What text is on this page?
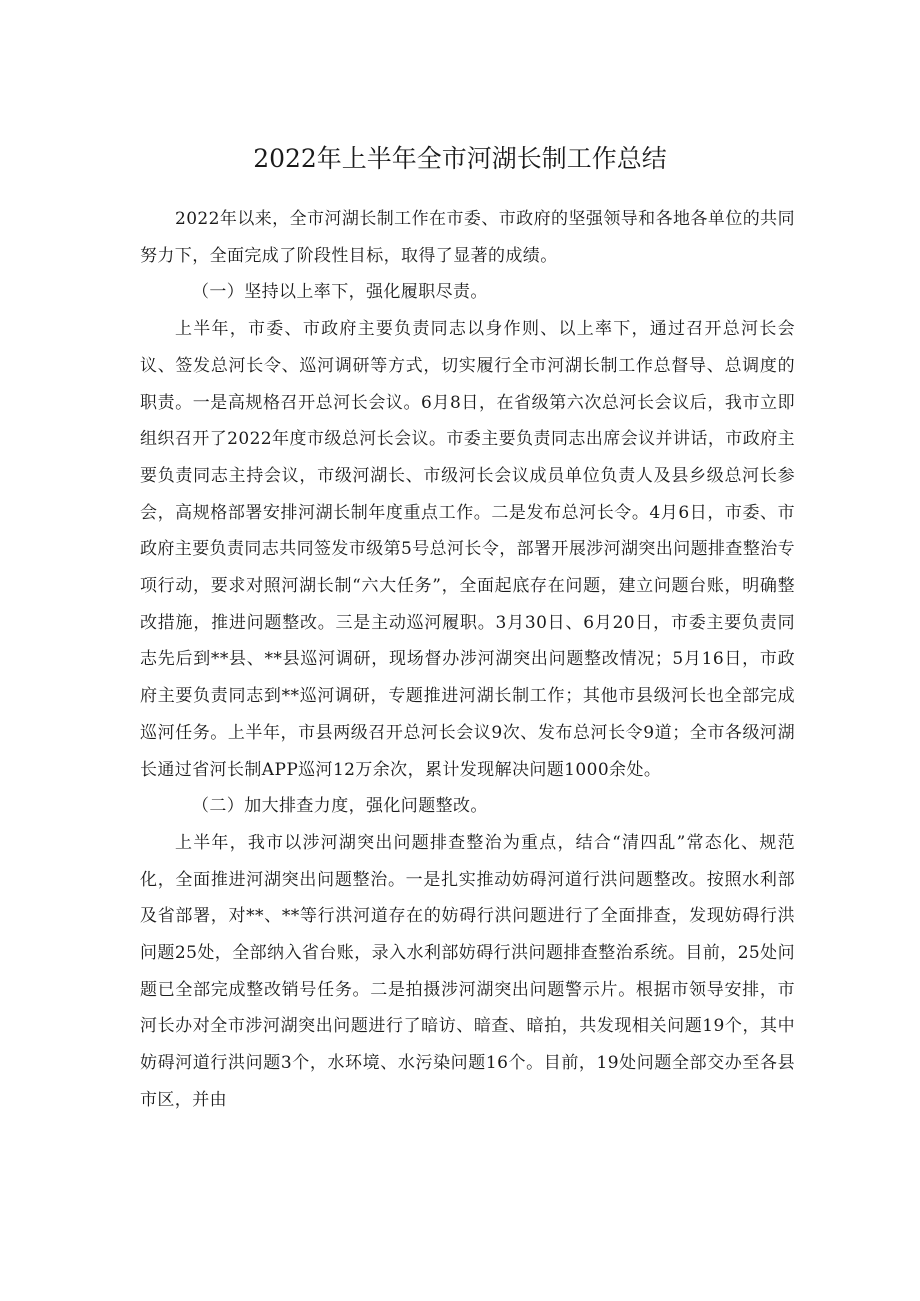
2022年上半年全市河湖长制工作总结

2022年以来，全市河湖长制工作在市委、市政府的坚强领导和各地各单位的共同努力下，全面完成了阶段性目标，取得了显著的成绩。

（一）坚持以上率下，强化履职尽责。

上半年，市委、市政府主要负责同志以身作则、以上率下，通过召开总河长会议、签发总河长令、巡河调研等方式，切实履行全市河湖长制工作总督导、总调度的职责。一是高规格召开总河长会议。6月8日，在省级第六次总河长会议后，我市立即组织召开了2022年度市级总河长会议。市委主要负责同志出席会议并讲话，市政府主要负责同志主持会议，市级河湖长、市级河长会议成员单位负责人及县乡级总河长参会，高规格部署安排河湖长制年度重点工作。二是发布总河长令。4月6日，市委、市政府主要负责同志共同签发市级第5号总河长令，部署开展涉河湖突出问题排查整治专项行动，要求对照河湖长制“六大任务”，全面起底存在问题，建立问题台账，明确整改措施，推进问题整改。三是主动巡河履职。3月30日、6月20日，市委主要负责同志先后到**县、**县巡河调研，现场督办涉河湖突出问题整改情况；5月16日，市政府主要负责同志到**巡河调研，专题推进河湖长制工作；其他市县级河长也全部完成巡河任务。上半年，市县两级召开总河长会议9次、发布总河长令9道；全市各级河湖长通过省河长制APP巡河12万余次，累计发现解决问题1000余处。

（二）加大排查力度，强化问题整改。

上半年，我市以涉河湖突出问题排查整治为重点，结合“清四乱”常态化、规范化，全面推进河湖突出问题整治。一是扎实推动妨碍河道行洪问题整改。按照水利部及省部署，对**、**等行洪河道存在的妨碍行洪问题进行了全面排查，发现妨碍行洪问题25处，全部纳入省台账，录入水利部妨碍行洪问题排查整治系统。目前，25处问题已全部完成整改销号任务。二是拍摄涉河湖突出问题警示片。根据市领导安排，市河长办对全市涉河湖突出问题进行了暗访、暗查、暗拍，共发现相关问题19个，其中妨碍河道行洪问题3个，水环境、水污染问题16个。目前，19处问题全部交办至各县市区，并由
